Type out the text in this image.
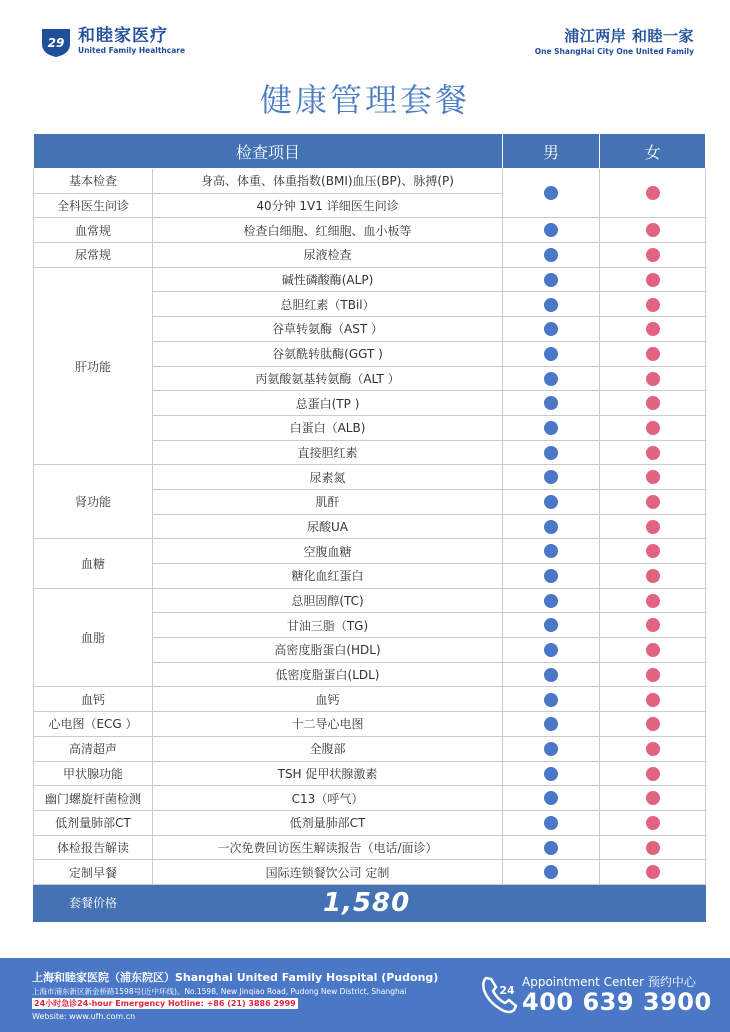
29 和睦家医疗
United Family Healthcare
浦江两岸 和睦一家
One ShangHai City One United Family
健康管理套餐
检查项目		男	女
基本检查	身高、体重、体重指数(BMI)血压(BP)、脉搏(P)		
全科医生问诊	40分钟 1V1 详细医生问诊		
血常规	检查白细胞、红细胞、血小板等		
尿常规	尿液检查		
肝功能	碱性磷酸酶(ALP)		
	总胆红素（TBil）		
	谷草转氨酶（AST ）		
	谷氨酰转肽酶(GGT )		
	丙氨酸氨基转氨酶（ALT ）		
	总蛋白(TP )		
	白蛋白（ALB)		
	直接胆红素		
肾功能	尿素氮		
	肌酐		
	尿酸UA		
血糖	空腹血糖		
	糖化血红蛋白		
血脂	总胆固醇(TC)		
	甘油三脂（TG)		
	高密度脂蛋白(HDL)		
	低密度脂蛋白(LDL)		
血钙	血钙		
心电图（ECG ）	十二导心电图		
高清超声	全腹部		
甲状腺功能	TSH 促甲状腺激素		
幽门螺旋杆菌检测	C13（呼气）		
低剂量肺部CT	低剂量肺部CT		
体检报告解读	一次免费回访医生解读报告（电话/面诊）		
定制早餐	国际连锁餐饮公司 定制		
套餐价格	1,580		
上海和睦家医院（浦东院区）Shanghai United Family Hospital (Pudong)
上海市浦东新区新金桥路1598号(近中环线)。No.1598, New Jinqiao Road, Pudong New District, Shanghai
24小时急诊24-hour Emergency Hotline: +86 (21) 3886 2999
Website: www.ufh.com.cn
24
Appointment Center 预约中心
400 639 3900
